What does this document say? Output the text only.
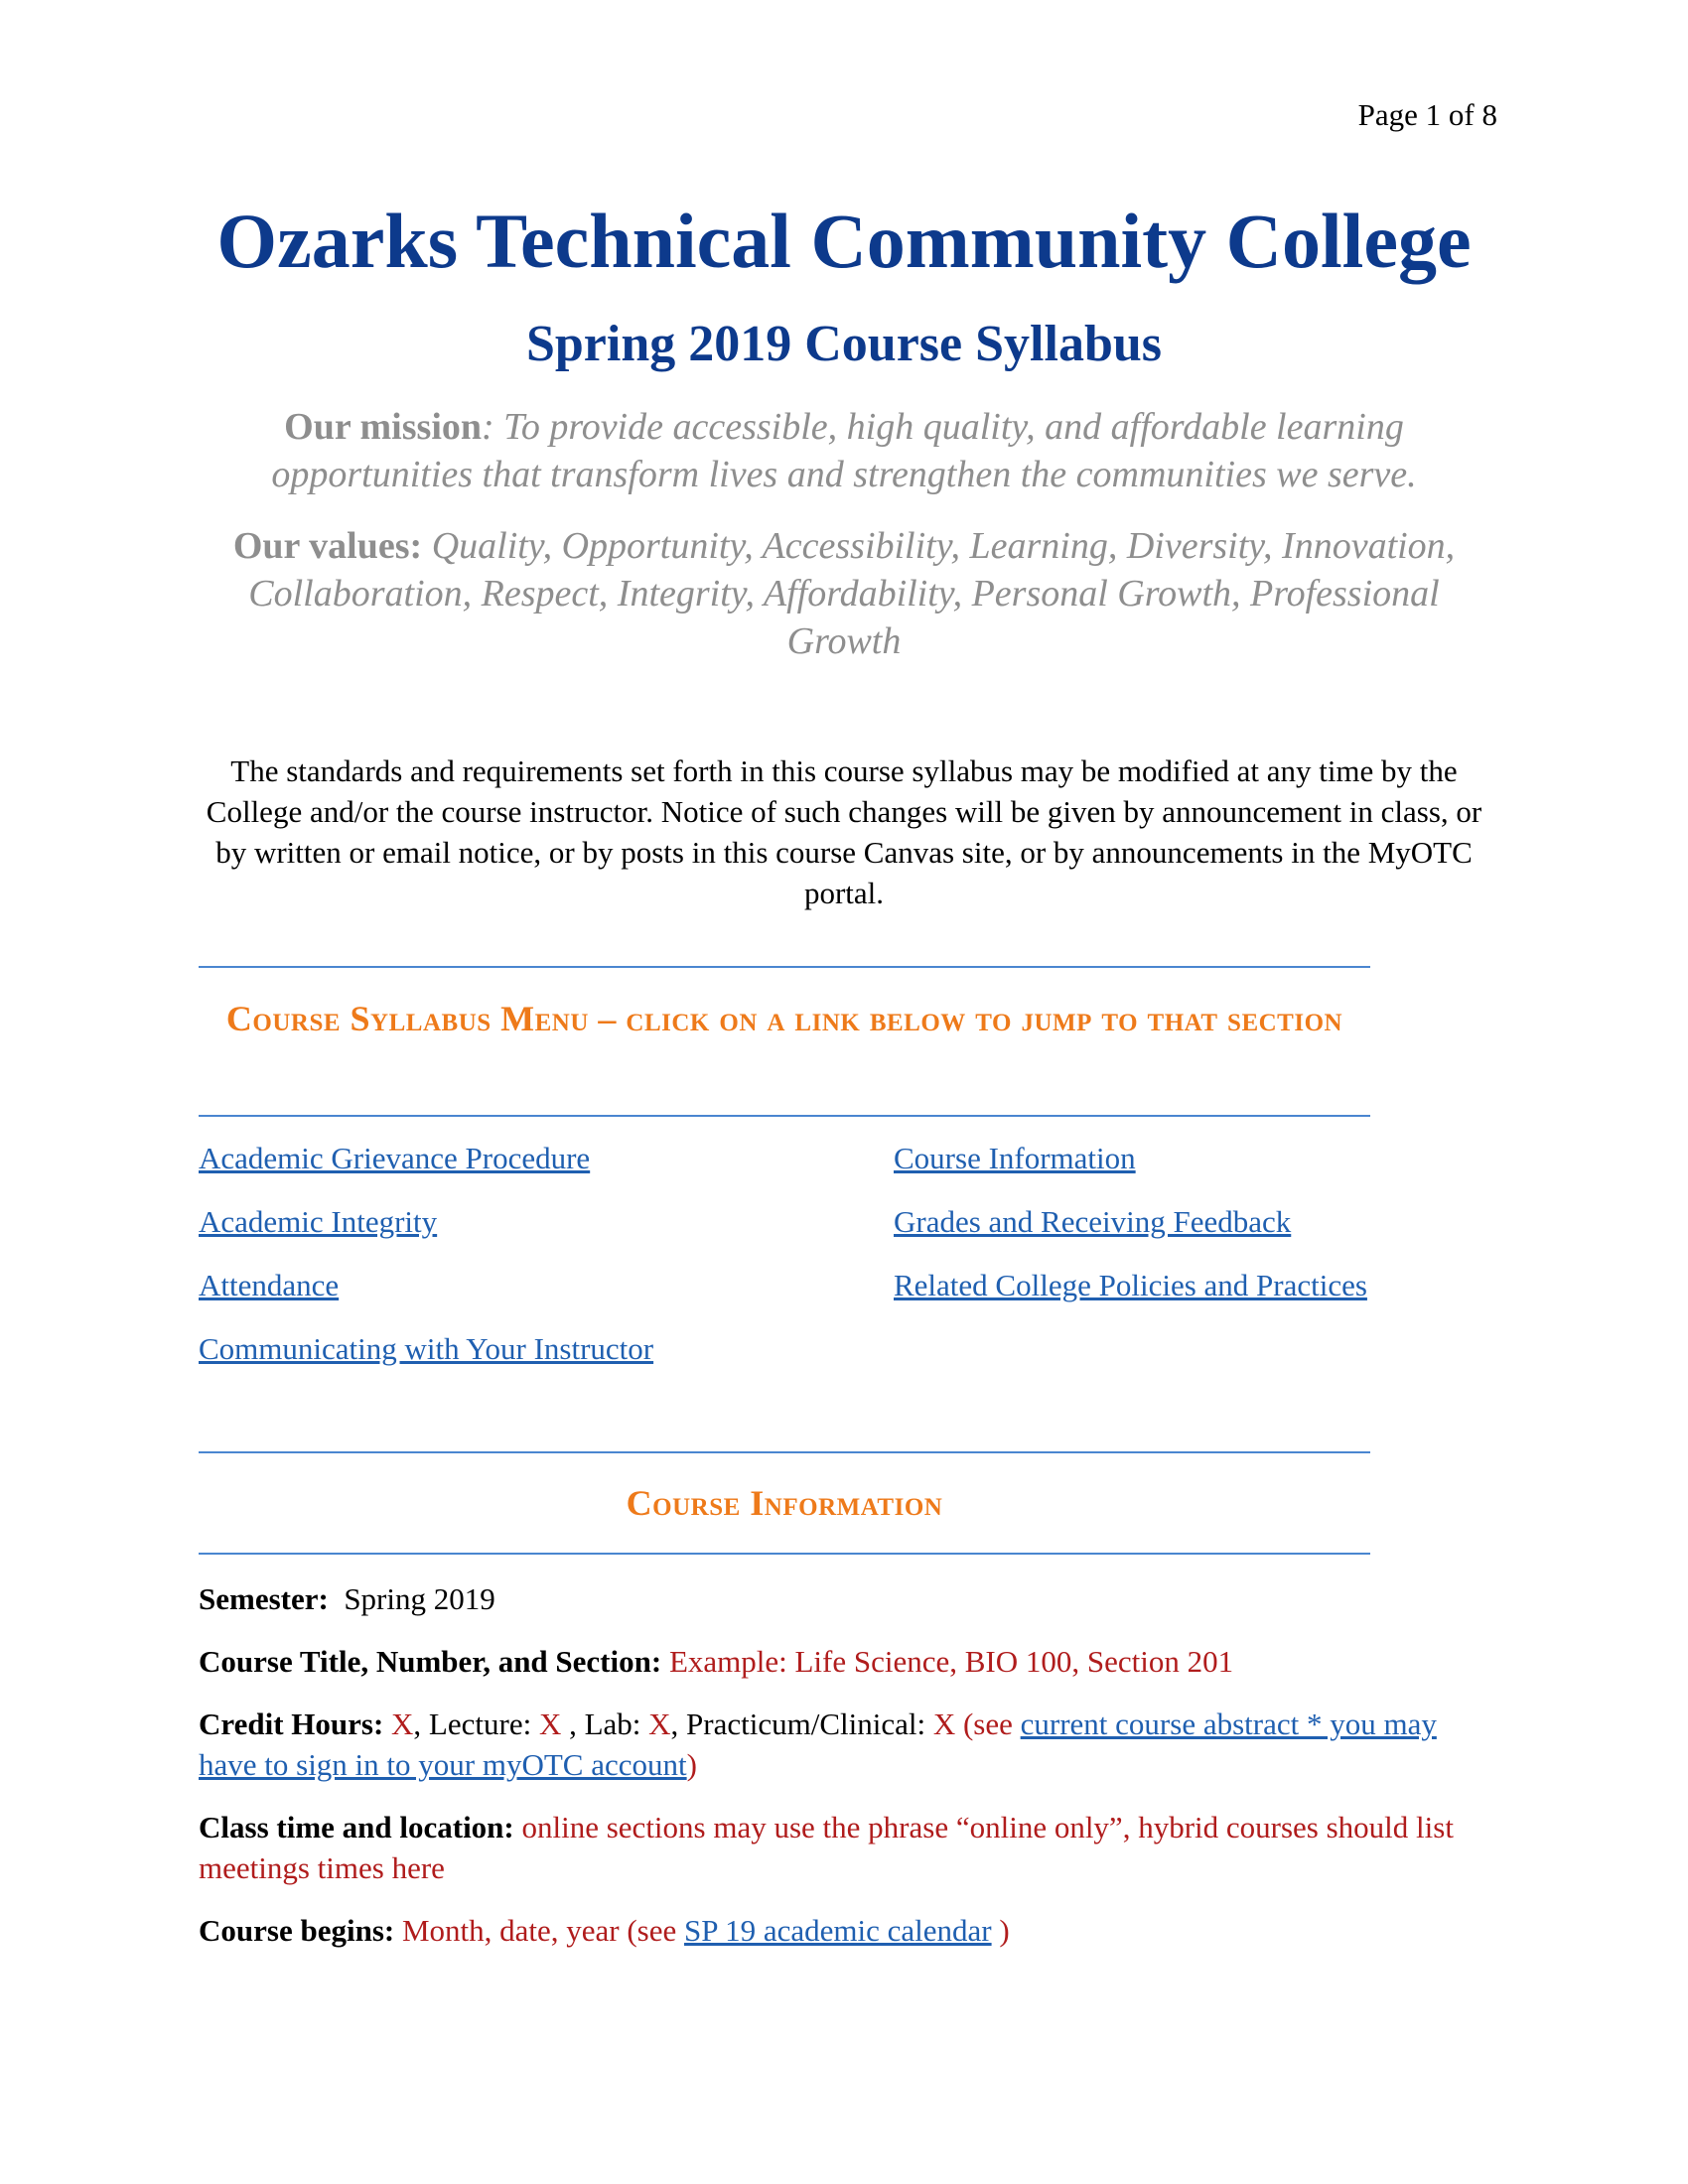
Page 1 of 8
Ozarks Technical Community College
Spring 2019 Course Syllabus
Our mission: To provide accessible, high quality, and affordable learning opportunities that transform lives and strengthen the communities we serve.
Our values: Quality, Opportunity, Accessibility, Learning, Diversity, Innovation, Collaboration, Respect, Integrity, Affordability, Personal Growth, Professional Growth
The standards and requirements set forth in this course syllabus may be modified at any time by the College and/or the course instructor. Notice of such changes will be given by announcement in class, or by written or email notice, or by posts in this course Canvas site, or by announcements in the MyOTC portal.
Course Syllabus Menu – click on a link below to jump to that section
Academic Grievance Procedure
Academic Integrity
Attendance
Communicating with Your Instructor
Course Information
Grades and Receiving Feedback
Related College Policies and Practices
Course Information

Semester: Spring 2019

Course Title, Number, and Section: Example: Life Science, BIO 100, Section 201

Credit Hours: X, Lecture: X , Lab: X, Practicum/Clinical: X (see current course abstract * you may have to sign in to your myOTC account)

Class time and location: online sections may use the phrase “online only”, hybrid courses should list meetings times here

Course begins: Month, date, year (see SP 19 academic calendar )
